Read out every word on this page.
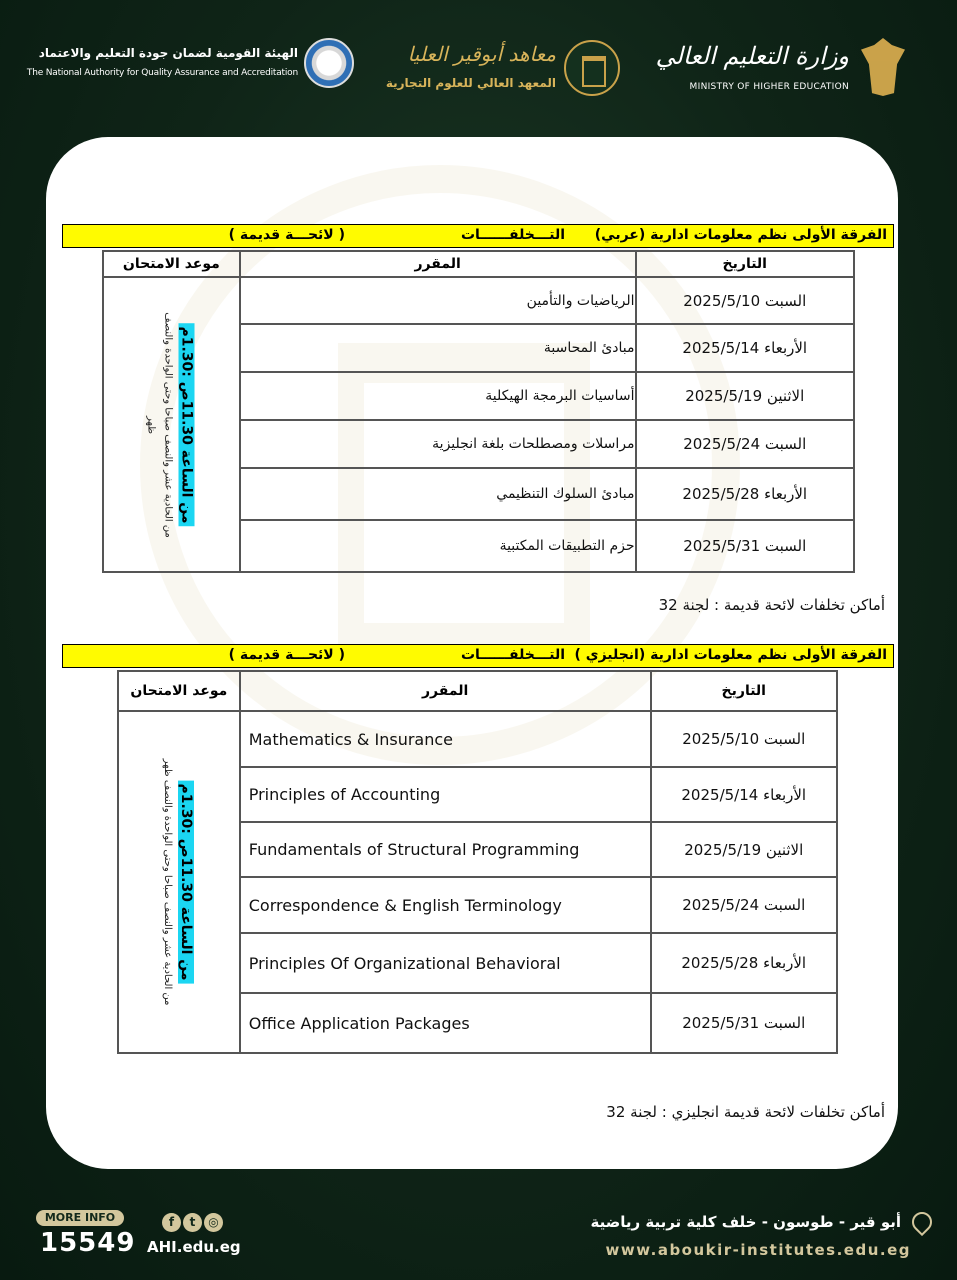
الهيئة القومية لضمان جودة التعليم والاعتماد
The National Authority for Quality Assurance and Accreditation
معاهد أبوقير العليا
المعهد العالي للعلوم التجارية
وزارة التعليم العالي
MINISTRY OF HIGHER EDUCATION
الفرقة الأولى نظم معلومات ادارية (عربي)
التـــخلفــــــات
( لائحـــة قديمة )
التاريخ	المقرر	موعد الامتحان
السبت 2025/5/10	الرياضيات والتأمين	من الساعة 11.30ص :1.30م
من الحادية عشر والنصف صباحا وحتى الواحدة والنصف
ظهر

الأربعاء 2025/5/14	مبادئ المحاسبة	
الاثنين 2025/5/19	أساسيات البرمجة الهيكلية	
السبت 2025/5/24	مراسلات ومصطلحات بلغة انجليزية	
الأربعاء 2025/5/28	مبادئ السلوك التنظيمي	
السبت 2025/5/31	حزم التطبيقات المكتبية	
أماكن تخلفات لائحة قديمة : لجنة 32
الفرقة الأولى نظم معلومات ادارية (انجليزي )
التـــخلفــــــات
( لائحـــة قديمة )
التاريخ	المقرر	موعد الامتحان
السبت 2025/5/10	Mathematics & Insurance	من الساعة 11.30ص :1.30م
من الحادية عشر والنصف صباحا وحتى الواحدة والنصف ظهر

الأربعاء 2025/5/14	Principles of Accounting	
الاثنين 2025/5/19	Fundamentals of Structural Programming	
السبت 2025/5/24	Correspondence & English Terminology	
الأربعاء 2025/5/28	Principles Of Organizational Behavioral	
السبت 2025/5/31	Office Application Packages	
أماكن تخلفات لائحة قديمة انجليزي : لجنة 32
MORE INFO
15549
f t ◎
AHI.edu.eg
أبو قير - طوسون - خلف كلية تربية رياضية
www.aboukir-institutes.edu.eg
